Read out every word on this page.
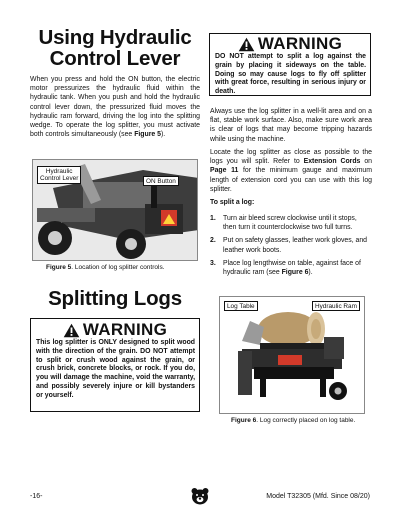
Using Hydraulic
Control Lever
When you press and hold the ON button, the electric motor pressurizes the hydraulic fluid within the hydraulic tank. When you push and hold the hydraulic control lever down, the pressurized fluid moves the hydraulic ram forward, driving the log into the splitting wedge. To operate the log splitter, you must activate both controls simultaneously (see Figure 5).
Hydraulic
Control Lever	ON Button
Figure 5. Location of log splitter controls.
Splitting Logs
WARNING
This log splitter is ONLY designed to split wood with the direction of the grain. DO NOT attempt to split or crush wood against the grain, or crush brick, concrete blocks, or rock. If you do, you will damage the machine, void the warranty, and possibly severely injure or kill bystanders or yourself.
WARNING
DO NOT attempt to split a log against the grain by placing it sideways on the table. Doing so may cause logs to fly off splitter with great force, resulting in serious injury or death.
Always use the log splitter in a well-lit area and on a flat, stable work surface. Also, make sure work area is clear of logs that may become tripping hazards while using the machine.
Locate the log splitter as close as possible to the logs you will split. Refer to Extension Cords on Page 11 for the minimum gauge and maximum length of extension cord you can use with this log splitter.
To split a log:
1.	Turn air bleed screw clockwise until it stops, then turn it counterclockwise two full turns.
2.	Put on safety glasses, leather work gloves, and leather work boots.
3.	Place log lengthwise on table, against face of hydraulic ram (see Figure 6).
Log Table	Hydraulic Ram
Figure 6. Log correctly placed on log table.
-16-	Model T32305 (Mfd. Since 08/20)
